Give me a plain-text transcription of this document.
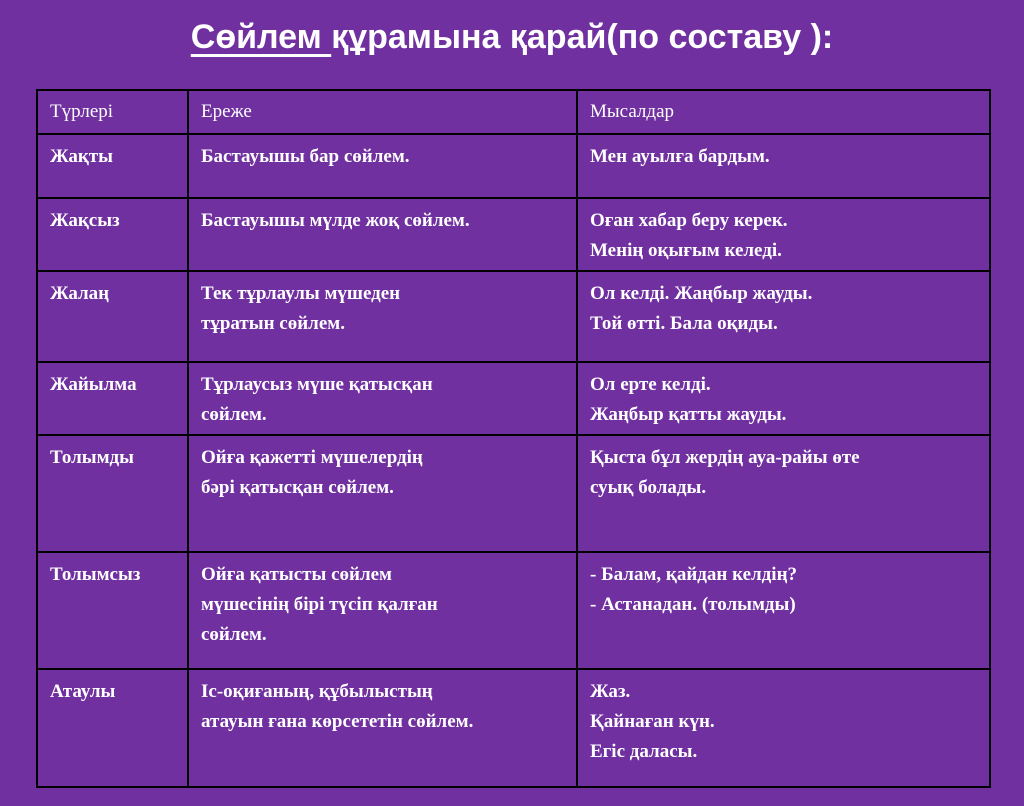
Сөйлем құрамына қарай(по составу ):
Түрлері	Ереже	Мысалдар
Жақты	Бастауышы бар сөйлем.	Мен ауылға бардым.
Жақсыз	Бастауышы мүлде жоқ сөйлем.	Оған хабар беру керек.
Менің оқығым келеді.
Жалаң	Тек тұрлаулы мүшеден
тұратын сөйлем.	Ол келді. Жаңбыр жауды.
Той өтті. Бала оқиды.
Жайылма	Тұрлаусыз мүше қатысқан
сөйлем.	Ол ерте келді.
Жаңбыр қатты жауды.
Толымды	Ойға қажетті мүшелердің
бәрі қатысқан сөйлем.	Қыста бұл жердің ауа-райы өте
суық болады.
Толымсыз	Ойға қатысты сөйлем
мүшесінің бірі түсіп қалған
сөйлем.	- Балам, қайдан келдің?
- Астанадан. (толымды)
Атаулы	Іс-оқиғаның, құбылыстың
атауын ғана көрсететін сөйлем.	Жаз.
Қайнаған күн.
Егіс даласы.
